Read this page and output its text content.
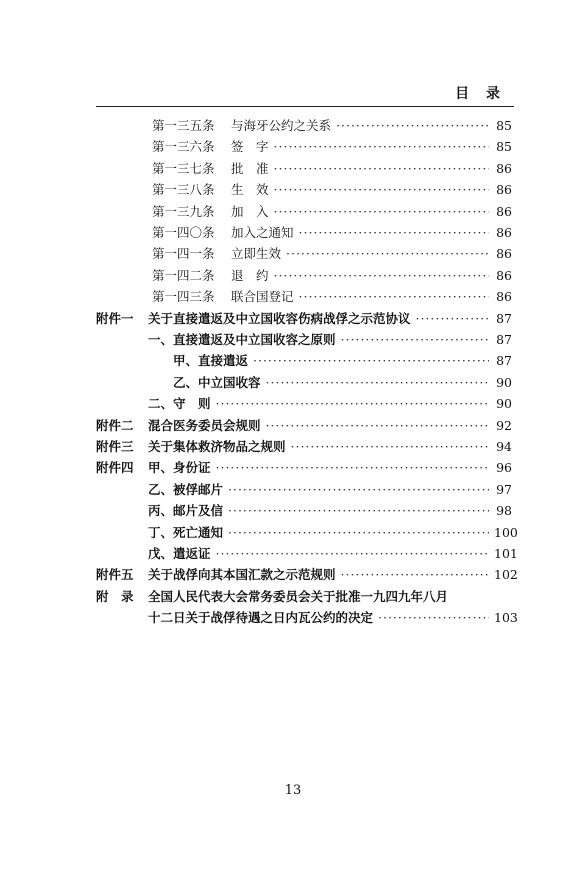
目 录
第一三五条 与海牙公约之关系 ·····	85
第一三六条 签　字 ·····	85
第一三七条 批　准 ·····	86
第一三八条 生　效 ·····	86
第一三九条 加　入 ·····	86
第一四〇条 加入之通知 ·····	86
第一四一条 立即生效 ·····	86
第一四二条 退　约 ·····	86
第一四三条 联合国登记 ·····	86
附件一 关于直接遣返及中立国收容伤病战俘之示范协议 ·····	87
一、直接遣返及中立国收容之原则 ·····	87
甲、直接遣返 ·····	87
乙、中立国收容 ·····	90
二、守　则 ·····	90
附件二 混合医务委员会规则 ·····	92
附件三 关于集体救济物品之规则 ·····	94
附件四 甲、身份证 ·····	96
乙、被俘邮片 ·····	97
丙、邮片及信 ·····	98
丁、死亡通知 ·····	100
戊、遣返证 ·····	101
附件五 关于战俘向其本国汇款之示范规则 ·····	102
附　录 全国人民代表大会常务委员会关于批准一九四九年八月
十二日关于战俘待遇之日内瓦公约的决定 ·····	103
13
